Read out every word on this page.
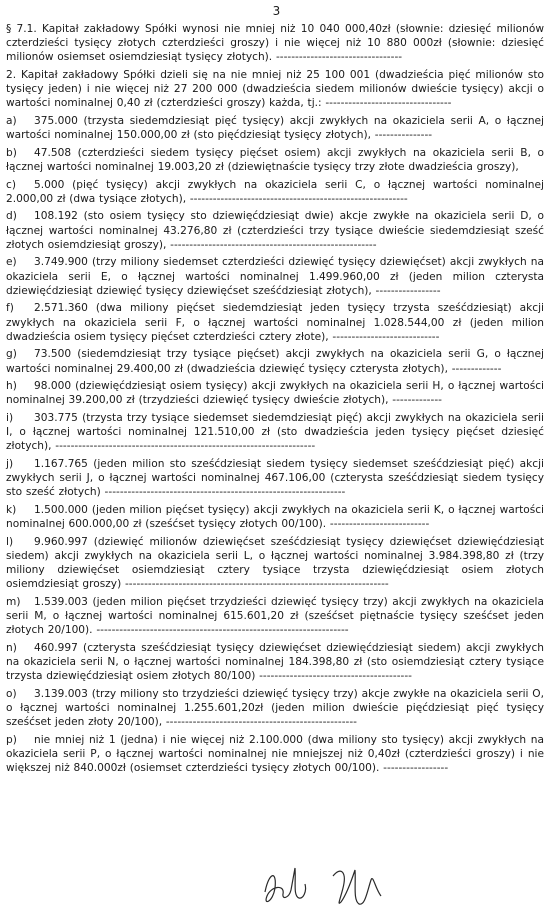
3

§ 7.1. Kapitał zakładowy Spółki wynosi nie mniej niż 10 040 000,40zł (słownie: dziesięć milionów czterdzieści tysięcy złotych czterdzieści groszy) i nie więcej niż 10 880 000zł (słownie: dziesięć milionów osiemset osiemdziesiąt tysięcy złotych). ---------------------------------

2. Kapitał zakładowy Spółki dzieli się na nie mniej niż 25 100 001 (dwadzieścia pięć milionów sto tysięcy jeden) i nie więcej niż 27 200 000 (dwadzieścia siedem milionów dwieście tysięcy) akcji o wartości nominalnej 0,40 zł (czterdzieści groszy) każda, tj.: ---------------------------------

a) 375.000 (trzysta siedemdziesiąt pięć tysięcy) akcji zwykłych na okaziciela serii A, o łącznej wartości nominalnej 150.000,00 zł (sto pięćdziesiąt tysięcy złotych), ---------------

b) 47.508 (czterdzieści siedem tysięcy pięćset osiem) akcji zwykłych na okaziciela serii B, o łącznej wartości nominalnej 19.003,20 zł (dziewiętnaście tysięcy trzy złote dwadzieścia groszy),

c) 5.000 (pięć tysięcy) akcji zwykłych na okaziciela serii C, o łącznej wartości nominalnej 2.000,00 zł (dwa tysiące złotych), ---------------------------------------------------------

d) 108.192 (sto osiem tysięcy sto dziewięćdziesiąt dwie) akcje zwykłe na okaziciela serii D, o łącznej wartości nominalnej 43.276,80 zł (czterdzieści trzy tysiące dwieście siedemdziesiąt sześć złotych osiemdziesiąt groszy), ------------------------------------------------------

e) 3.749.900 (trzy miliony siedemset czterdzieści dziewięć tysięcy dziewięćset) akcji zwykłych na okaziciela serii E, o łącznej wartości nominalnej 1.499.960,00 zł (jeden milion czterysta dziewięćdziesiąt dziewięć tysięcy dziewięćset sześćdziesiąt złotych), -----------------

f) 2.571.360 (dwa miliony pięćset siedemdziesiąt jeden tysięcy trzysta sześćdziesiąt) akcji zwykłych na okaziciela serii F, o łącznej wartości nominalnej 1.028.544,00 zł (jeden milion dwadzieścia osiem tysięcy pięćset czterdzieści cztery złote), ----------------------------

g) 73.500 (siedemdziesiąt trzy tysiące pięćset) akcji zwykłych na okaziciela serii G, o łącznej wartości nominalnej 29.400,00 zł (dwadzieścia dziewięć tysięcy czterysta złotych), -------------

h) 98.000 (dziewięćdziesiąt osiem tysięcy) akcji zwykłych na okaziciela serii H, o łącznej wartości nominalnej 39.200,00 zł (trzydzieści dziewięć tysięcy dwieście złotych), -------------

i) 303.775 (trzysta trzy tysiące siedemset siedemdziesiąt pięć) akcji zwykłych na okaziciela serii I, o łącznej wartości nominalnej 121.510,00 zł (sto dwadzieścia jeden tysięcy pięćset dziesięć złotych), --------------------------------------------------------------------

j) 1.167.765 (jeden milion sto sześćdziesiąt siedem tysięcy siedemset sześćdziesiąt pięć) akcji zwykłych serii J, o łącznej wartości nominalnej 467.106,00 (czterysta sześćdziesiąt siedem tysięcy sto sześć złotych) ---------------------------------------------------------------

k) 1.500.000 (jeden milion pięćset tysięcy) akcji zwykłych na okaziciela serii K, o łącznej wartości nominalnej 600.000,00 zł (sześćset tysięcy złotych 00/100). --------------------------

l) 9.960.997 (dziewięć milionów dziewięćset sześćdziesiąt tysięcy dziewięćset dziewięćdziesiąt siedem) akcji zwykłych na okaziciela serii L, o łącznej wartości nominalnej 3.984.398,80 zł (trzy miliony dziewięćset osiemdziesiąt cztery tysiące trzysta dziewięćdziesiąt osiem złotych osiemdziesiąt groszy) ---------------------------------------------------------------------

m) 1.539.003 (jeden milion pięćset trzydzieści dziewięć tysięcy trzy) akcji zwykłych na okaziciela serii M, o łącznej wartości nominalnej 615.601,20 zł (sześćset piętnaście tysięcy sześćset jeden złotych 20/100). ------------------------------------------------------------------

n) 460.997 (czterysta sześćdziesiąt tysięcy dziewięćset dziewięćdziesiąt siedem) akcji zwykłych na okaziciela serii N, o łącznej wartości nominalnej 184.398,80 zł (sto osiemdziesiąt cztery tysiące trzysta dziewięćdziesiąt osiem złotych 80/100) ----------------------------------------

o) 3.139.003 (trzy miliony sto trzydzieści dziewięć tysięcy trzy) akcje zwykłe na okaziciela serii O, o łącznej wartości nominalnej 1.255.601,20zł (jeden milion dwieście pięćdziesiąt pięć tysięcy sześćset jeden złoty 20/100), --------------------------------------------------

p) nie mniej niż 1 (jedna) i nie więcej niż 2.100.000 (dwa miliony sto tysięcy) akcji zwykłych na okaziciela serii P, o łącznej wartości nominalnej nie mniejszej niż 0,40zł (czterdzieści groszy) i nie większej niż 840.000zł (osiemset czterdzieści tysięcy złotych 00/100). -----------------
